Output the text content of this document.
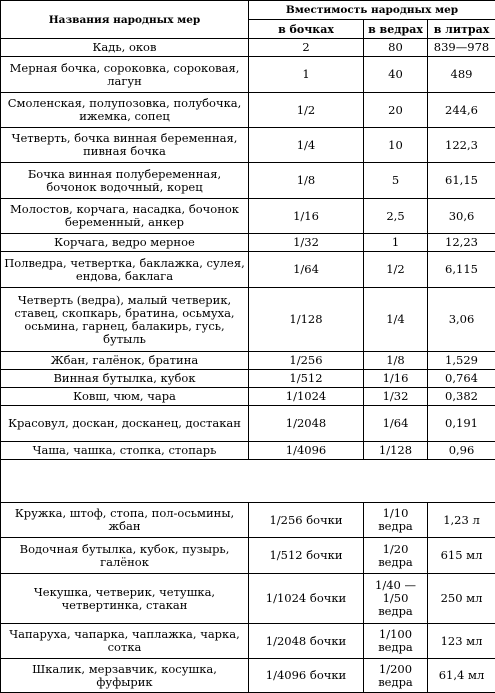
Названия народных мер	Вместимость народных мер		
	в бочках	в ведрах	в литрах
Кадь, оков	2	80	839—978
Мерная бочка, сороковка, сороковая, лагун	1	40	489
Смоленская, полупозовка, полубочка, ижемка, сопец	1/2	20	244,6
Четверть, бочка винная беременная, пивная бочка	1/4	10	122,3
Бочка винная полубеременная, бочонок водочный, корец	1/8	5	61,15
Молостов, корчага, насадка, бочонок беременный, анкер	1/16	2,5	30,6
Корчага, ведро мерное	1/32	1	12,23
Полведра, четвертка, баклажка, сулея, ендова, баклага	1/64	1/2	6,115
Четверть (ведра), малый четверик, ставец, скопкарь, братина, осьмуха, осьмина, гарнец, балакирь, гусь, бутыль	1/128	1/4	3,06
Жбан, галёнок, братина	1/256	1/8	1,529
Винная бутылка, кубок	1/512	1/16	0,764
Ковш, чюм, чара	1/1024	1/32	0,382
Красовул, доскан, досканец, достакан	1/2048	1/64	0,191
Чаша, чашка, стопка, стопарь	1/4096	1/128	0,96

Кружка, штоф, стопа, пол-осьмины, жбан	1/256 бочки	1/10 ведра	1,23 л
Водочная бутылка, кубок, пузырь, галёнок	1/512 бочки	1/20 ведра	615 мл
Чекушка, четверик, четушка, четвертинка, стакан	1/1024 бочки	1/40 —1/50 ведра	250 мл
Чапаруха, чапарка, чаплажка, чарка, сотка	1/2048 бочки	1/100 ведра	123 мл
Шкалик, мерзавчик, косушка, фуфырик	1/4096 бочки	1/200 ведра	61,4 мл
